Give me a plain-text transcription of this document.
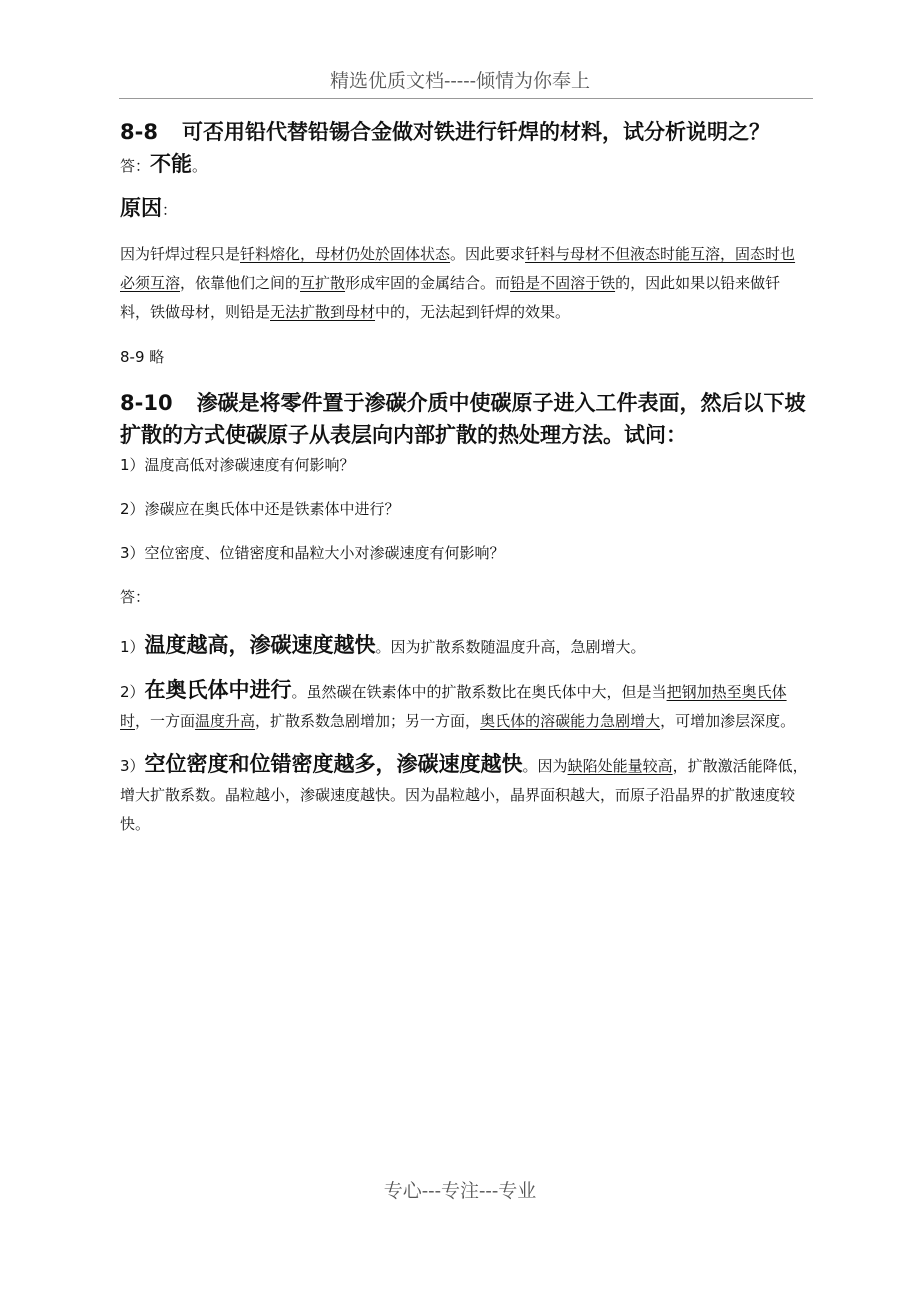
精选优质文档-----倾情为你奉上
8-8 可否用铅代替铅锡合金做对铁进行钎焊的材料，试分析说明之？
答：不能。
原因：

因为钎焊过程只是钎料熔化，母材仍处於固体状态。因此要求钎料与母材不但液态时能互溶，固态时也必须互溶，依靠他们之间的互扩散形成牢固的金属结合。而铅是不固溶于铁的，因此如果以铅来做钎料，铁做母材，则铅是无法扩散到母材中的，无法起到钎焊的效果。

8-9 略

8-10 渗碳是将零件置于渗碳介质中使碳原子进入工件表面，然后以下坡扩散的方式使碳原子从表层向内部扩散的热处理方法。试问：

1）温度高低对渗碳速度有何影响？

2）渗碳应在奥氏体中还是铁素体中进行？

3）空位密度、位错密度和晶粒大小对渗碳速度有何影响？

答：

1）温度越高，渗碳速度越快。因为扩散系数随温度升高，急剧增大。

2）在奥氏体中进行。虽然碳在铁素体中的扩散系数比在奥氏体中大，但是当把钢加热至奥氏体时，一方面温度升高，扩散系数急剧增加；另一方面，奥氏体的溶碳能力急剧增大，可增加渗层深度。

3）空位密度和位错密度越多，渗碳速度越快。因为缺陷处能量较高，扩散激活能降低，增大扩散系数。晶粒越小，渗碳速度越快。因为晶粒越小，晶界面积越大，而原子沿晶界的扩散速度较快。

专心---专注---专业
